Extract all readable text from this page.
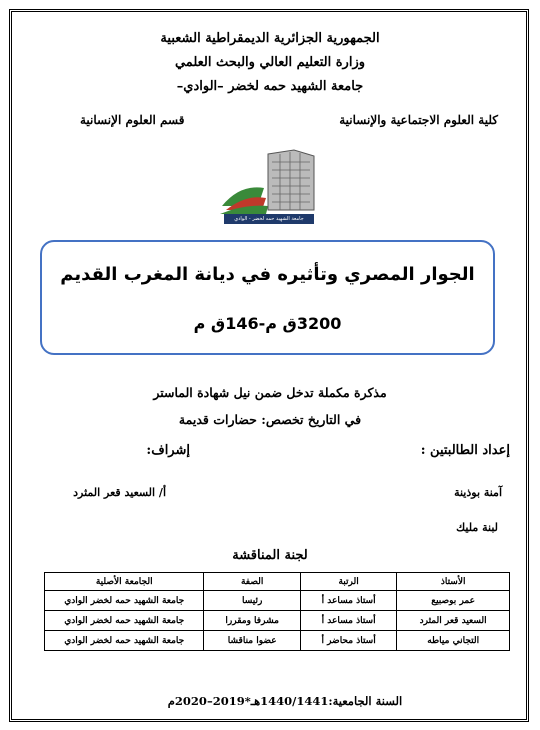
الجمهورية الجزائرية الديمقراطية الشعبية
وزارة التعليم العالي والبحث العلمي
جامعة الشهيد حمه لخضر –الوادي–
كلية العلوم الاجتماعية والإنسانية
قسم العلوم الإنسانية
جامعة الشهيد حمه لخضر - الوادي
الجوار المصري وتأثيره في ديانة المغرب القديم
3200ق م-146ق م
مذكرة مكملة تدخل ضمن نيل شهادة الماستر
في التاريخ تخصص: حضارات قديمة
إعداد الطالبتين :
إشراف:
آمنة بوذينة
لبنة مليك
أ/ السعيد قعر المثرد
لجنة المناقشة
الأستاذ	الرتبة	الصفة	الجامعة الأصلية
عمر بوصبيع	أستاذ مساعد أ	رئيسا	جامعة الشهيد حمه لخضر الوادي
السعيد قعر المثرد	أستاذ مساعد أ	مشرفا ومقررا	جامعة الشهيد حمه لخضر الوادي
التجاني مياطه	أستاذ محاضر أ	عضوا مناقشا	جامعة الشهيد حمه لخضر الوادي
السنة الجامعية:1440/1441هـ*2019–2020م
